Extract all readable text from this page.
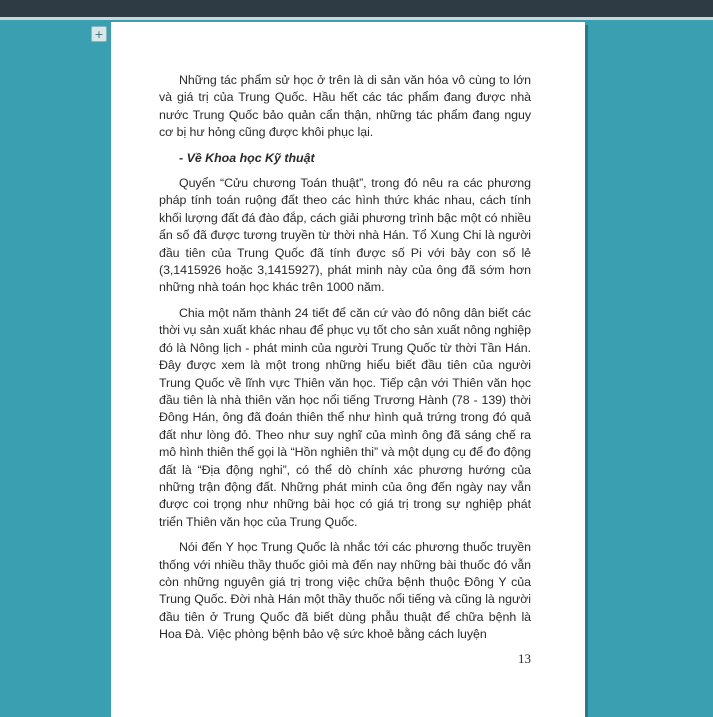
+

Những tác phẩm sử học ở trên là di sản văn hóa vô cùng to lớn và giá trị của Trung Quốc. Hầu hết các tác phẩm đang được nhà nước Trung Quốc bảo quản cẩn thận, những tác phẩm đang nguy cơ bị hư hỏng cũng được khôi phục lại.

- Về Khoa học Kỹ thuật

Quyển “Cửu chương Toán thuật”, trong đó nêu ra các phương pháp tính toán ruộng đất theo các hình thức khác nhau, cách tính khối lượng đất đá đào đắp, cách giải phương trình bậc một có nhiều ẩn số đã được tương truyền từ thời nhà Hán. Tổ Xung Chi là người đầu tiên của Trung Quốc đã tính được số Pi với bảy con số lẻ (3,1415926 hoặc 3,1415927), phát minh này của ông đã sớm hơn những nhà toán học khác trên 1000 năm.

Chia một năm thành 24 tiết để căn cứ vào đó nông dân biết các thời vụ sản xuất khác nhau để phục vụ tốt cho sản xuất nông nghiệp đó là Nông lịch - phát minh của người Trung Quốc từ thời Tần Hán. Đây được xem là một trong những hiểu biết đầu tiên của người Trung Quốc về lĩnh vực Thiên văn học. Tiếp cận với Thiên văn học đầu tiên là nhà thiên văn học nổi tiếng Trương Hành (78 - 139) thời Đông Hán, ông đã đoán thiên thể như hình quả trứng trong đó quả đất như lòng đỏ. Theo như suy nghĩ của mình ông đã sáng chế ra mô hình thiên thể gọi là “Hồn nghiên thi” và một dụng cụ để đo động đất là “Địa động nghi”, có thể dò chính xác phương hướng của những trận động đất. Những phát minh của ông đến ngày nay vẫn được coi trọng như những bài học có giá trị trong sự nghiệp phát triển Thiên văn học của Trung Quốc.

Nói đến Y học Trung Quốc là nhắc tới các phương thuốc truyền thống với nhiều thầy thuốc giỏi mà đến nay những bài thuốc đó vẫn còn những nguyên giá trị trong việc chữa bệnh thuộc Đông Y của Trung Quốc. Đời nhà Hán một thầy thuốc nổi tiếng và cũng là người đầu tiên ở Trung Quốc đã biết dùng phẫu thuật để chữa bệnh là Hoa Đà. Việc phòng bệnh bảo vệ sức khoẻ bằng cách luyện

13
